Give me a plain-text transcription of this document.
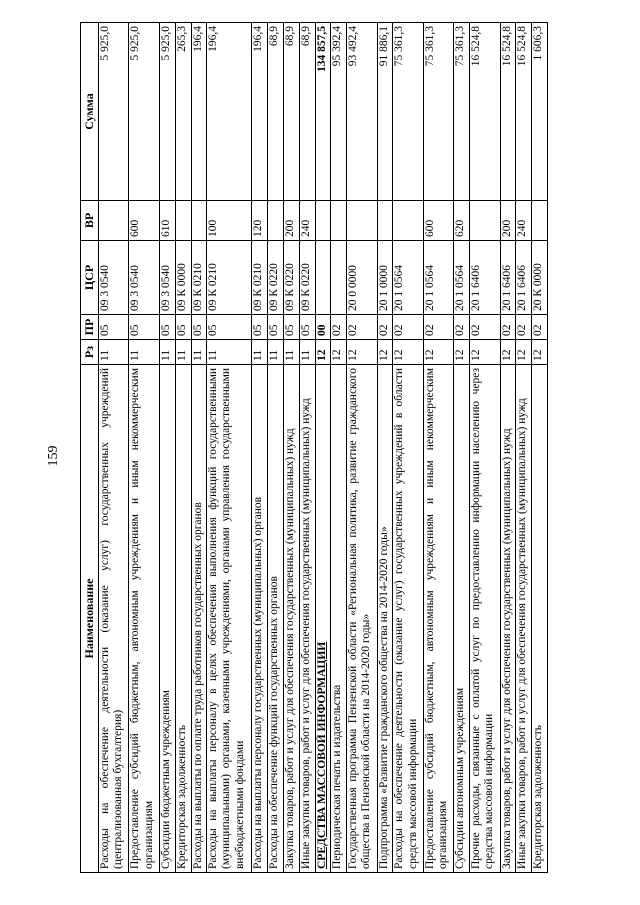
159
Наименование	Рз	ПР	ЦСР	ВР	Сумма
Расходы на обеспечение деятельности (оказание услуг) государственных учреждений (централизованная бухгалтерия)	11	05	09 3 0540		5 925,0
Предоставление субсидий бюджетным, автономным учреждениям и иным некоммерческим организациям	11	05	09 3 0540	600	5 925,0
Субсидии бюджетным учреждениям	11	05	09 3 0540	610	5 925,0
Кредиторская задолженность	11	05	09 К 0000		265,3
Расходы на выплаты по оплате труда работников государственных органов	11	05	09 К 0210		196,4
Расходы на выплаты персоналу в целях обеспечения выполнения функций государственными (муниципальными) органами, казенными учреждениями, органами управления государственными внебюджетными фондами	11	05	09 К 0210	100	196,4
Расходы на выплаты персоналу государственных (муниципальных) органов	11	05	09 К 0210	120	196,4
Расходы на обеспечение функций государственных органов	11	05	09 К 0220		68,9
Закупка товаров, работ и услуг для обеспечения государственных (муниципальных) нужд	11	05	09 К 0220	200	68,9
Иные закупки товаров, работ и услуг для обеспечения государственных (муниципальных) нужд	11	05	09 К 0220	240	68,9
СРЕДСТВА МАССОВОЙ ИНФОРМАЦИИ	12	00			134 857,5
Периодическая печать и издательства	12	02			95 392,4
Государственная программа Пензенской области «Региональная политика, развитие гражданского общества в Пензенской области на 2014-2020 годы»	12	02	20 0 0000		93 492,4
Подпрограмма «Развитие гражданского общества на 2014-2020 годы»	12	02	20 1 0000		91 886,1
Расходы на обеспечение деятельности (оказание услуг) государственных учреждений в области средств массовой информации	12	02	20 1 0564		75 361,3
Предоставление субсидий бюджетным, автономным учреждениям и иным некоммерческим организациям	12	02	20 1 0564	600	75 361,3
Субсидии автономным учреждениям	12	02	20 1 0564	620	75 361,3
Прочие расходы, связанные с оплатой услуг по предоставлению информации населению через средства массовой информации	12	02	20 1 6406		16 524,8
Закупка товаров, работ и услуг для обеспечения государственных (муниципальных) нужд	12	02	20 1 6406	200	16 524,8
Иные закупки товаров, работ и услуг для обеспечения государственных (муниципальных) нужд	12	02	20 1 6406	240	16 524,8
Кредиторская задолженность	12	02	20 К 0000		1 606,3
